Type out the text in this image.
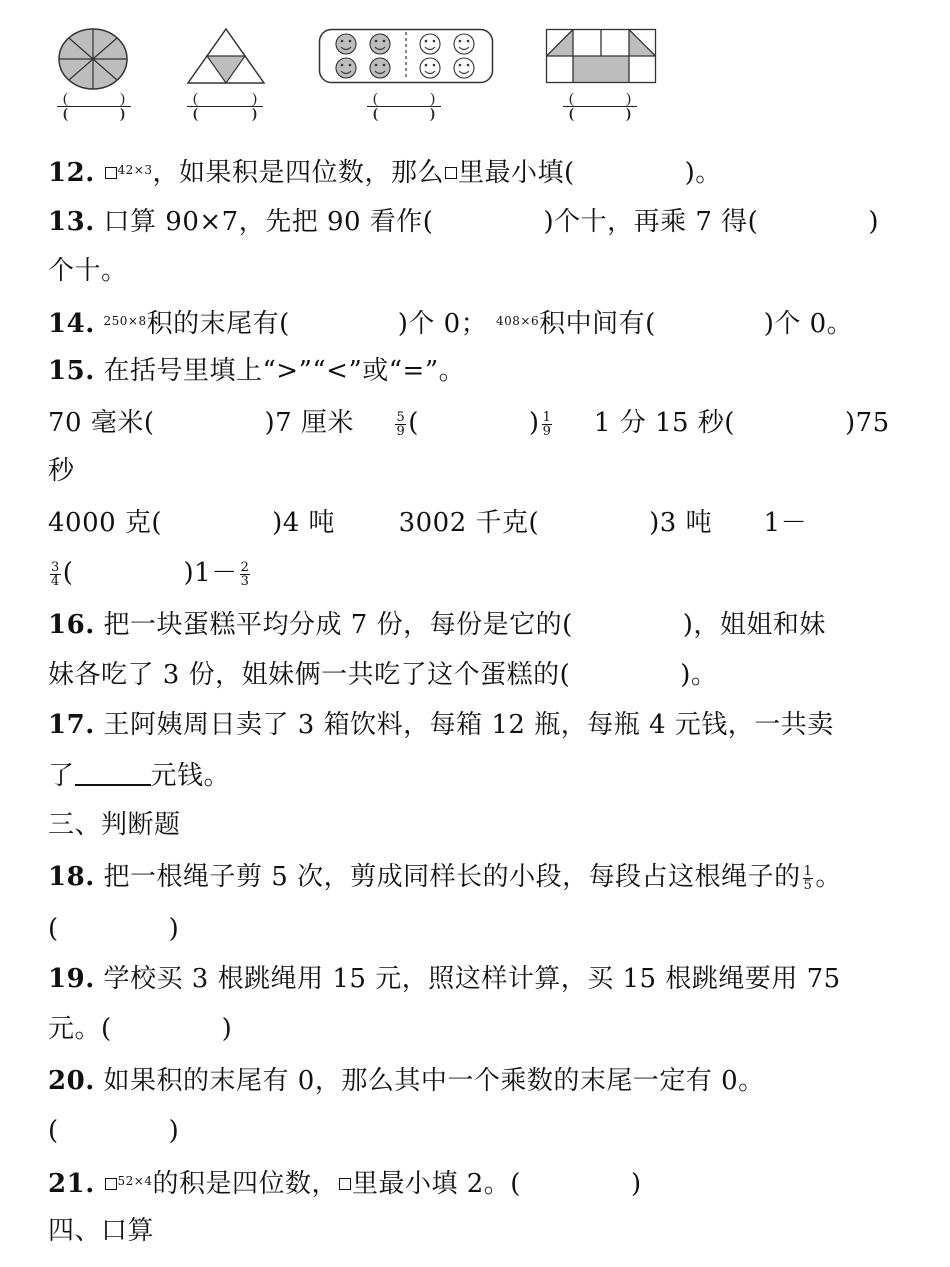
(	)
(	)
(	)
(	)
(	)
(	)
(	)
(	)
12. $^{42\times 3}$，如果积是四位数，那么 里最小填(	)。
13. 口算 90×7，先把 90 看作(	)个十，再乘 7 得(	)
个十。
14. $^{250\times 8}$积的末尾有(	)个 0； $^{408\times 6}$积中间有(	)个 0。
15. 在括号里填上“>”“<”或“=”。
70 毫米(	)7 厘米	$\frac{5}{9}$ (	) $\frac{1}{9} 1$ 分 15 秒(	)75
秒
4000 克(	)4 吨 3002 千克(	)3 吨 1－
$\frac{3}{4}$ (	)$1- \frac{2}{3}$
16. 把一块蛋糕平均分成 7 份，每份是它的(	)，姐姐和妹
妹各吃了 3 份，姐妹俩一共吃了这个蛋糕的(	)。
17. 王阿姨周日卖了 3 箱饮料，每箱 12 瓶，每瓶 4 元钱，一共卖
了	元钱。
三、判断题
18. 把一根绳子剪 5 次，剪成同样长的小段，每段占这根绳子的 $\frac{1}{5}$ 。
(	)
19. 学校买 3 根跳绳用 15 元，照这样计算，买 15 根跳绳要用 75
元。(	)
20. 如果积的末尾有 0，那么其中一个乘数的末尾一定有 0。
(	)
21. $^{52\times 4}$的积是四位数， 里最小填 2。(	)
四、口算
